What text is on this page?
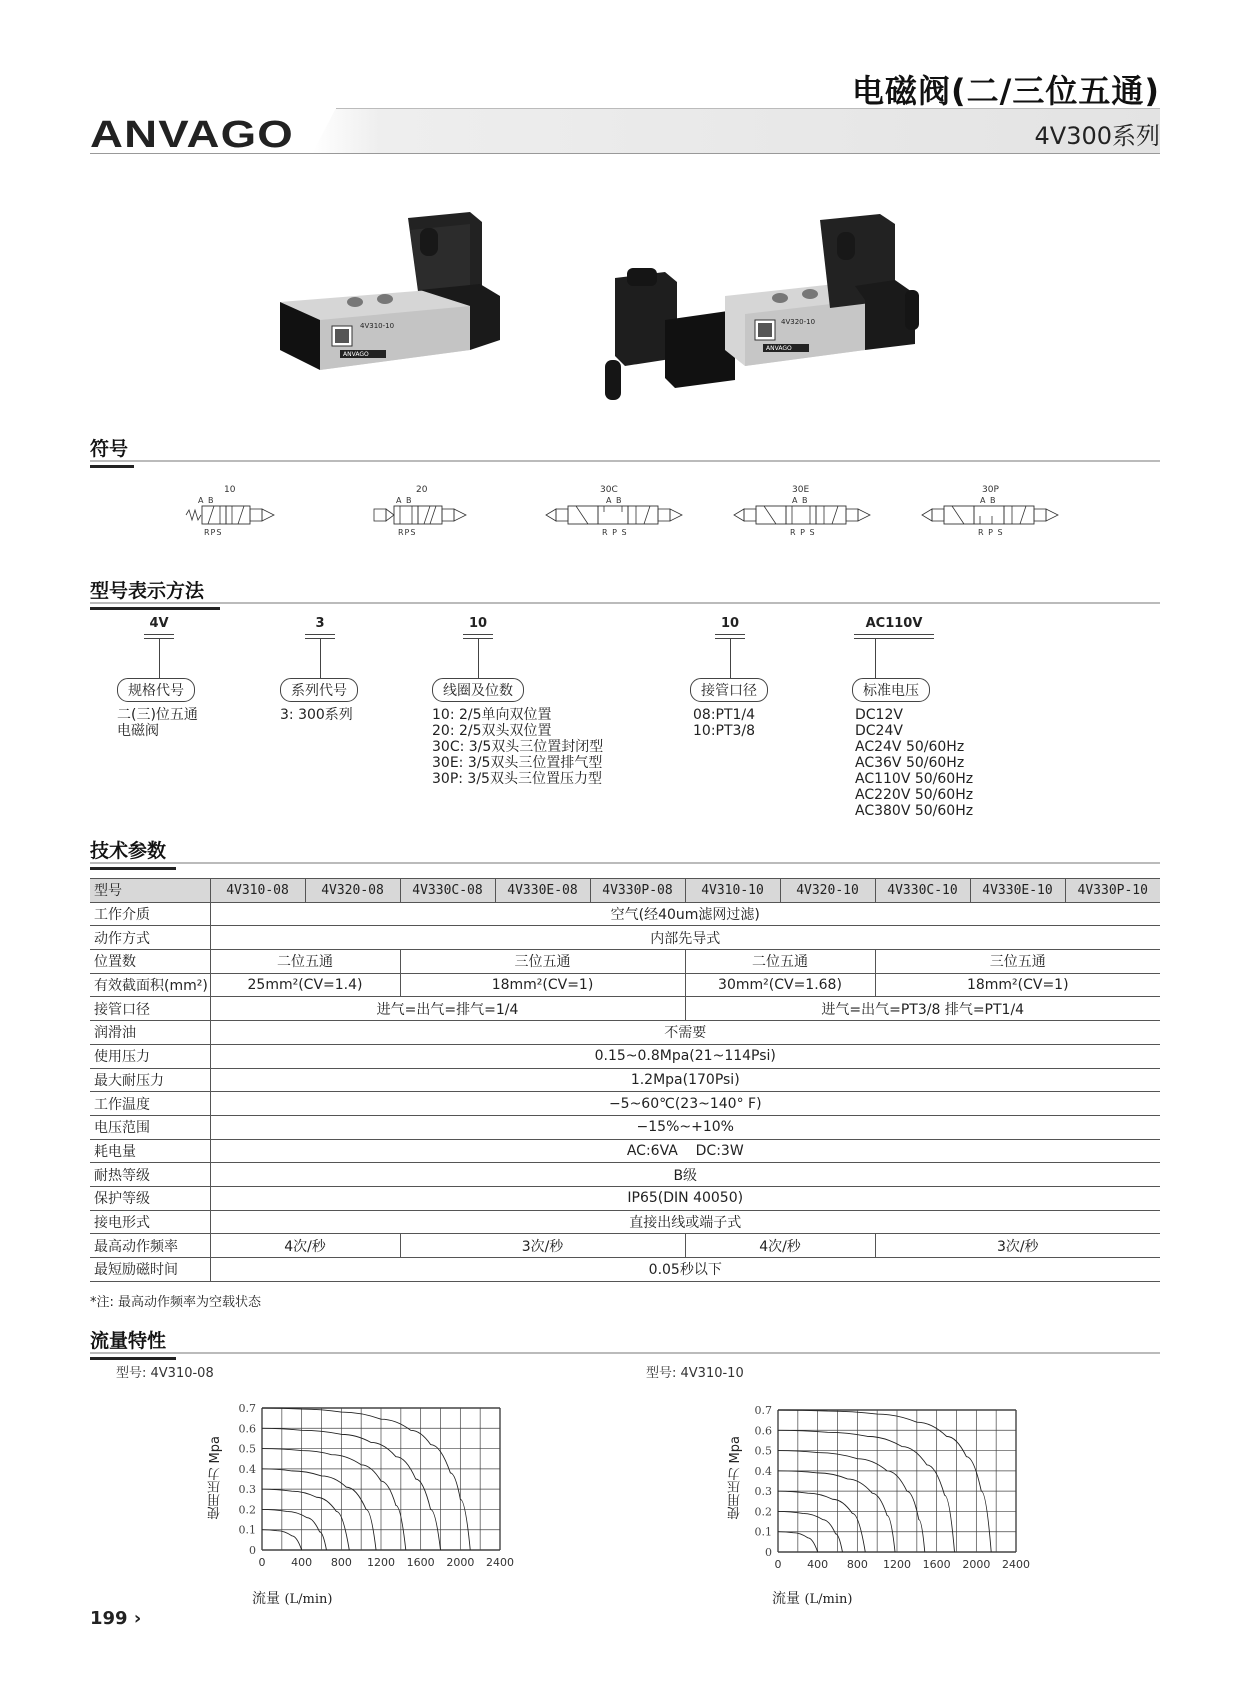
ANVAGO
电磁阀(二/三位五通)
4V300系列
4V310-10
ANVAGO
4V320-10
ANVAGO
符号
10
A B
RPS
20
A B
RPS
30C
A B
R P S
30E
A B
R P S
30P
A B
R P S
型号表示方法
4V
规格代号
二(三)位五通
电磁阀
3
系列代号
3: 300系列
10
线圈及位数
10: 2/5单向双位置
20: 2/5双头双位置
30C: 3/5双头三位置封闭型
30E: 3/5双头三位置排气型
30P: 3/5双头三位置压力型
10
接管口径
08:PT1/4
10:PT3/8
AC110V
标准电压
DC12V
DC24V
AC24V 50/60Hz
AC36V 50/60Hz
AC110V 50/60Hz
AC220V 50/60Hz
AC380V 50/60Hz
技术参数
型号	4V310-08	4V320-08	4V330C-08	4V330E-08	4V330P-08	4V310-10	4V320-10	4V330C-10	4V330E-10	4V330P-10
工作介质	空气(经40um滤网过滤)									
动作方式	内部先导式									
位置数	二位五通		三位五通			二位五通		三位五通		
有效截面积(mm²)	25mm²(CV=1.4)		18mm²(CV=1)			30mm²(CV=1.68)		18mm²(CV=1)		
接管口径	进气=出气=排气=1/4					进气=出气=PT3/8 排气=PT1/4				
润滑油	不需要									
使用压力	0.15~0.8Mpa(21~114Psi)									
最大耐压力	1.2Mpa(170Psi)									
工作温度	−5~60℃(23~140° F)									
电压范围	−15%~+10%									
耗电量	AC:6VA    DC:3W									
耐热等级	B级									
保护等级	IP65(DIN 40050)									
接电形式	直接出线或端子式									
最高动作频率	4次/秒		3次/秒			4次/秒		3次/秒		
最短励磁时间	0.05秒以下									
*注: 最高动作频率为空载状态
流量特性
型号: 4V310-08	型号: 4V310-10
使用压力 Mpa	使用压力 Mpa
0
0.1
0.2
0.3
0.4
0.5
0.6
0.7
0 400 800 1200 1600 2000 2400
0
0.1
0.2
0.3
0.4
0.5
0.6
0.7
0 400 800 1200 1600 2000 2400
流量 (L/min)	流量 (L/min)
199 ›
